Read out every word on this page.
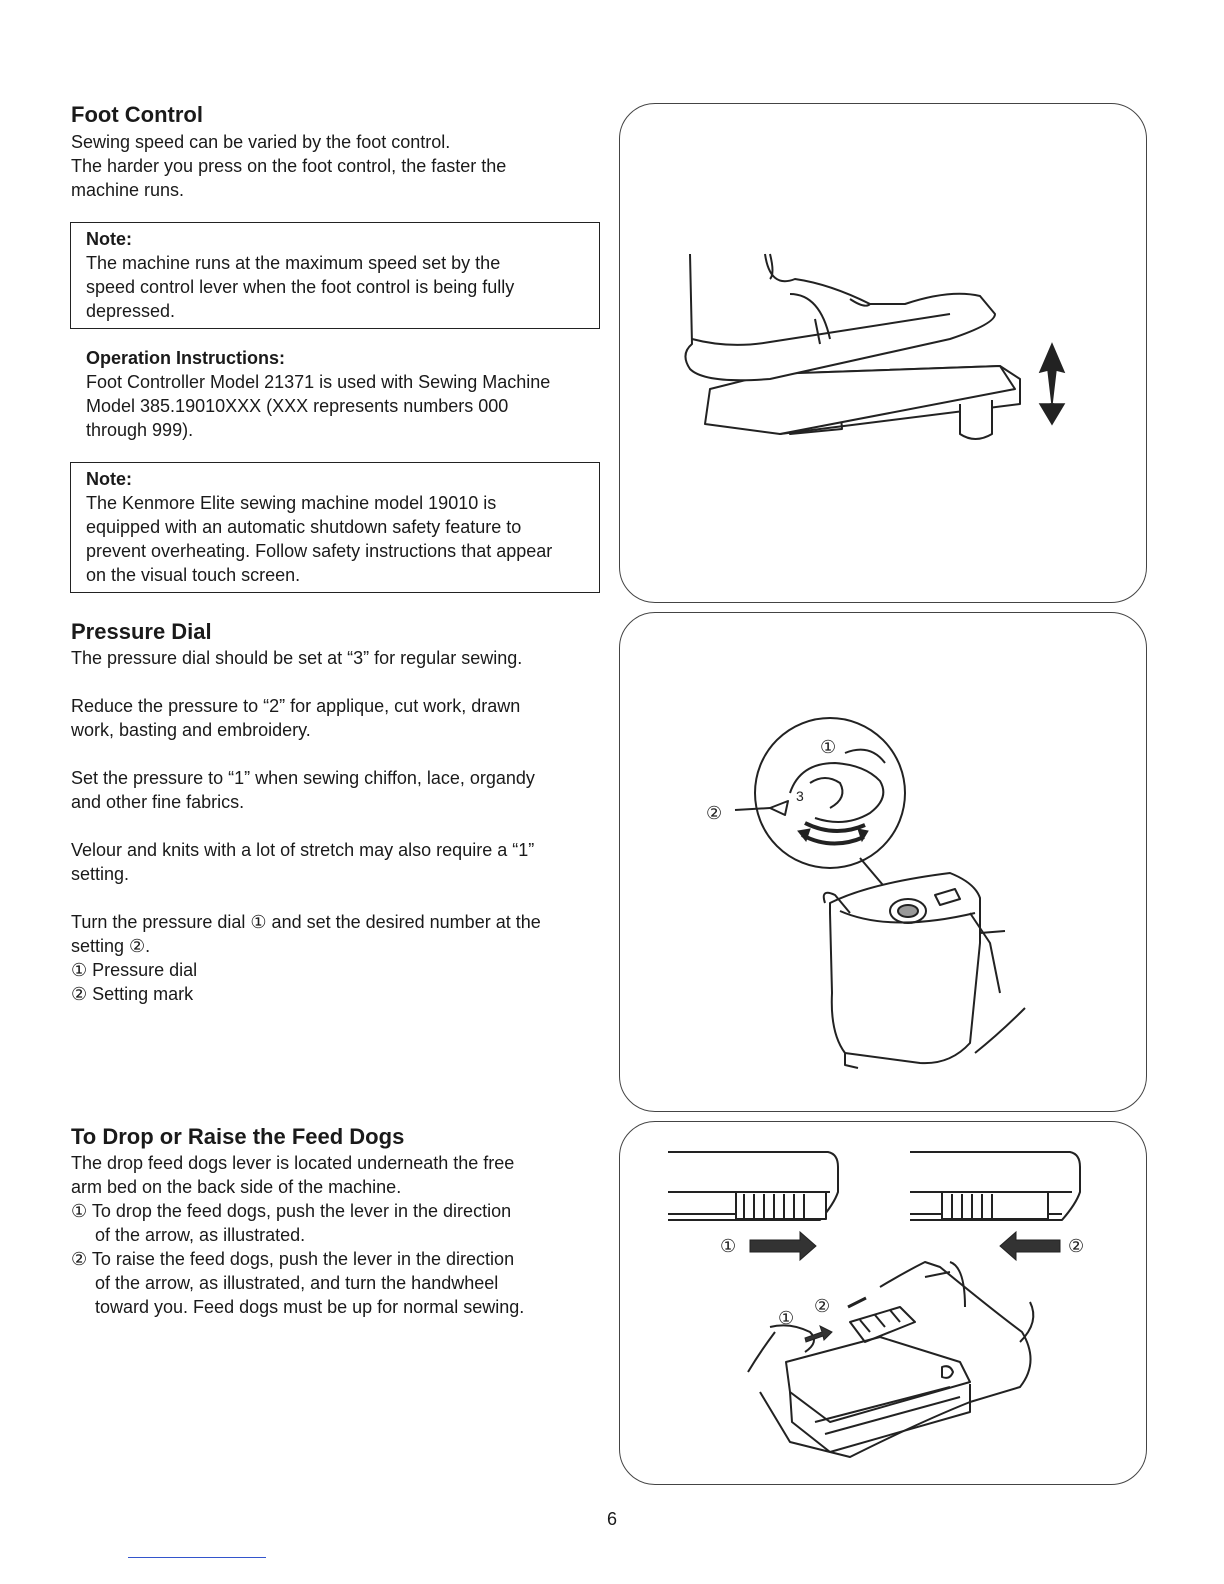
Foot Control
Sewing speed can be varied by the foot control.
The harder you press on the foot control, the faster the
machine runs.
Note:
The machine runs at the maximum speed set by the
speed control lever when the foot control is being fully
depressed.
Operation Instructions:
Foot Controller Model 21371 is used with Sewing Machine
Model 385.19010XXX (XXX represents numbers 000
through 999).
Note:
The Kenmore Elite sewing machine model 19010 is
equipped with an automatic shutdown safety feature to
prevent overheating. Follow safety instructions that appear
on the visual touch screen.
Pressure Dial
The pressure dial should be set at “3” for regular sewing.
Reduce the pressure to “2” for applique, cut work, drawn
work, basting and embroidery.
Set the pressure to “1” when sewing chiffon, lace, organdy
and other fine fabrics.
Velour and knits with a lot of stretch may also require a “1”
setting.
Turn the pressure dial ① and set the desired number at the
setting ②.
① Pressure dial
② Setting mark
①
②
3
To Drop or Raise the Feed Dogs
The drop feed dogs lever is located underneath the free
arm bed on the back side of the machine.
① To drop the feed dogs, push the lever in the direction
of the arrow, as illustrated.
② To raise the feed dogs, push the lever in the direction
of the arrow, as illustrated, and turn the handwheel
toward you. Feed dogs must be up for normal sewing.
①	②
①
②
6
